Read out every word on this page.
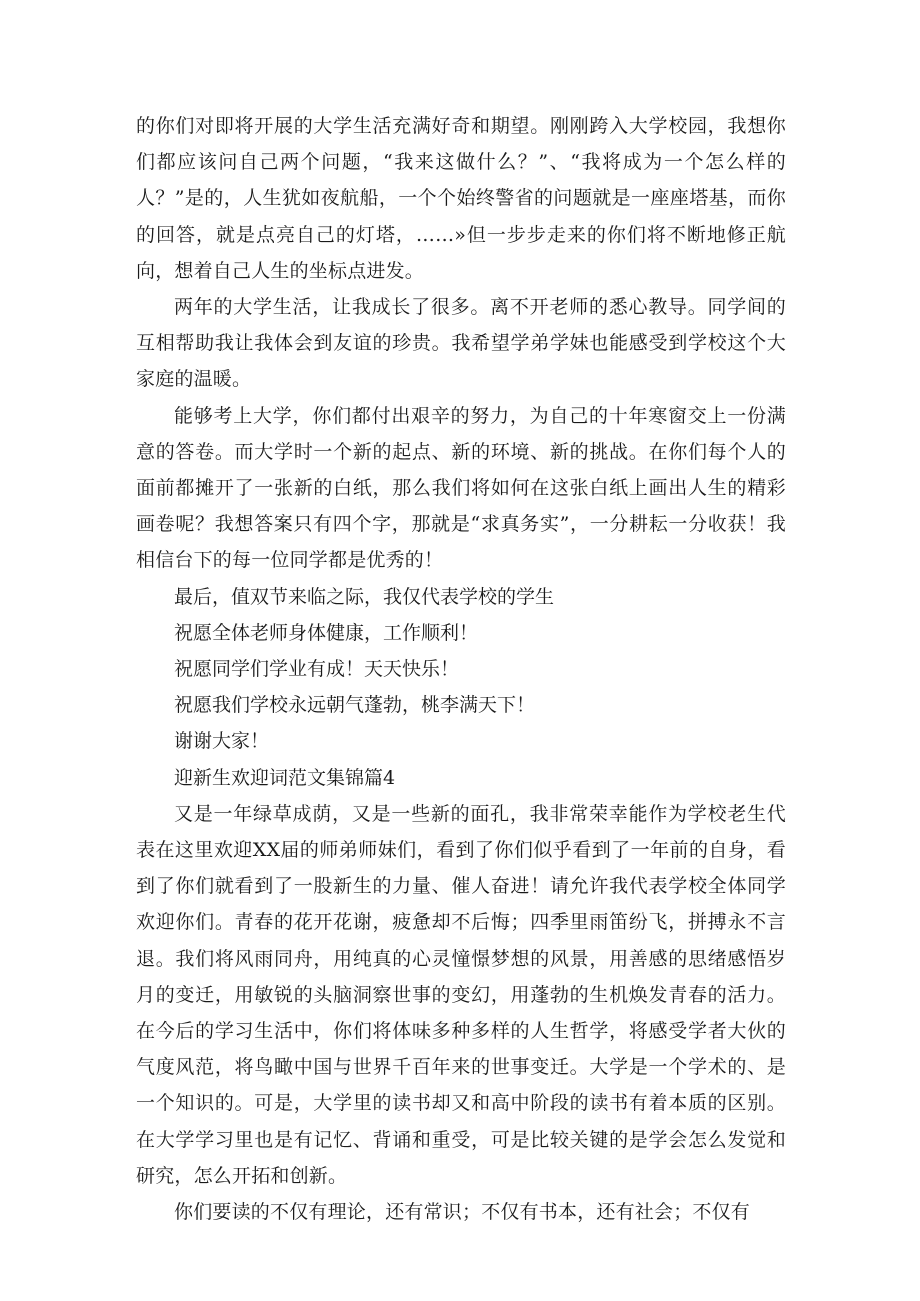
的你们对即将开展的大学生活充满好奇和期望。刚刚跨入大学校园，我想你们都应该问自己两个问题，“我来这做什么？”、“我将成为一个怎么样的人？”是的，人生犹如夜航船，一个个始终警省的问题就是一座座塔基，而你的回答，就是点亮自己的灯塔，……»但一步步走来的你们将不断地修正航向，想着自己人生的坐标点进发。

两年的大学生活，让我成长了很多。离不开老师的悉心教导。同学间的互相帮助我让我体会到友谊的珍贵。我希望学弟学妹也能感受到学校这个大家庭的温暖。

能够考上大学，你们都付出艰辛的努力，为自己的十年寒窗交上一份满意的答卷。而大学时一个新的起点、新的环境、新的挑战。在你们每个人的面前都摊开了一张新的白纸，那么我们将如何在这张白纸上画出人生的精彩画卷呢？我想答案只有四个字，那就是“求真务实”，一分耕耘一分收获！我相信台下的每一位同学都是优秀的！

最后，值双节来临之际，我仅代表学校的学生

祝愿全体老师身体健康，工作顺利！

祝愿同学们学业有成！天天快乐！

祝愿我们学校永远朝气蓬勃，桃李满天下！

谢谢大家！

迎新生欢迎词范文集锦篇4

又是一年绿草成荫，又是一些新的面孔，我非常荣幸能作为学校老生代表在这里欢迎XX届的师弟师妹们，看到了你们似乎看到了一年前的自身，看到了你们就看到了一股新生的力量、催人奋进！请允许我代表学校全体同学欢迎你们。青春的花开花谢，疲惫却不后悔；四季里雨笛纷飞，拼搏永不言退。我们将风雨同舟，用纯真的心灵憧憬梦想的风景，用善感的思绪感悟岁月的变迁，用敏锐的头脑洞察世事的变幻，用蓬勃的生机焕发青春的活力。在今后的学习生活中，你们将体味多种多样的人生哲学，将感受学者大伙的气度风范，将鸟瞰中国与世界千百年来的世事变迁。大学是一个学术的、是一个知识的。可是，大学里的读书却又和高中阶段的读书有着本质的区别。在大学学习里也是有记忆、背诵和重受，可是比较关键的是学会怎么发觉和研究，怎么开拓和创新。

你们要读的不仅有理论，还有常识；不仅有书本，还有社会；不仅有
